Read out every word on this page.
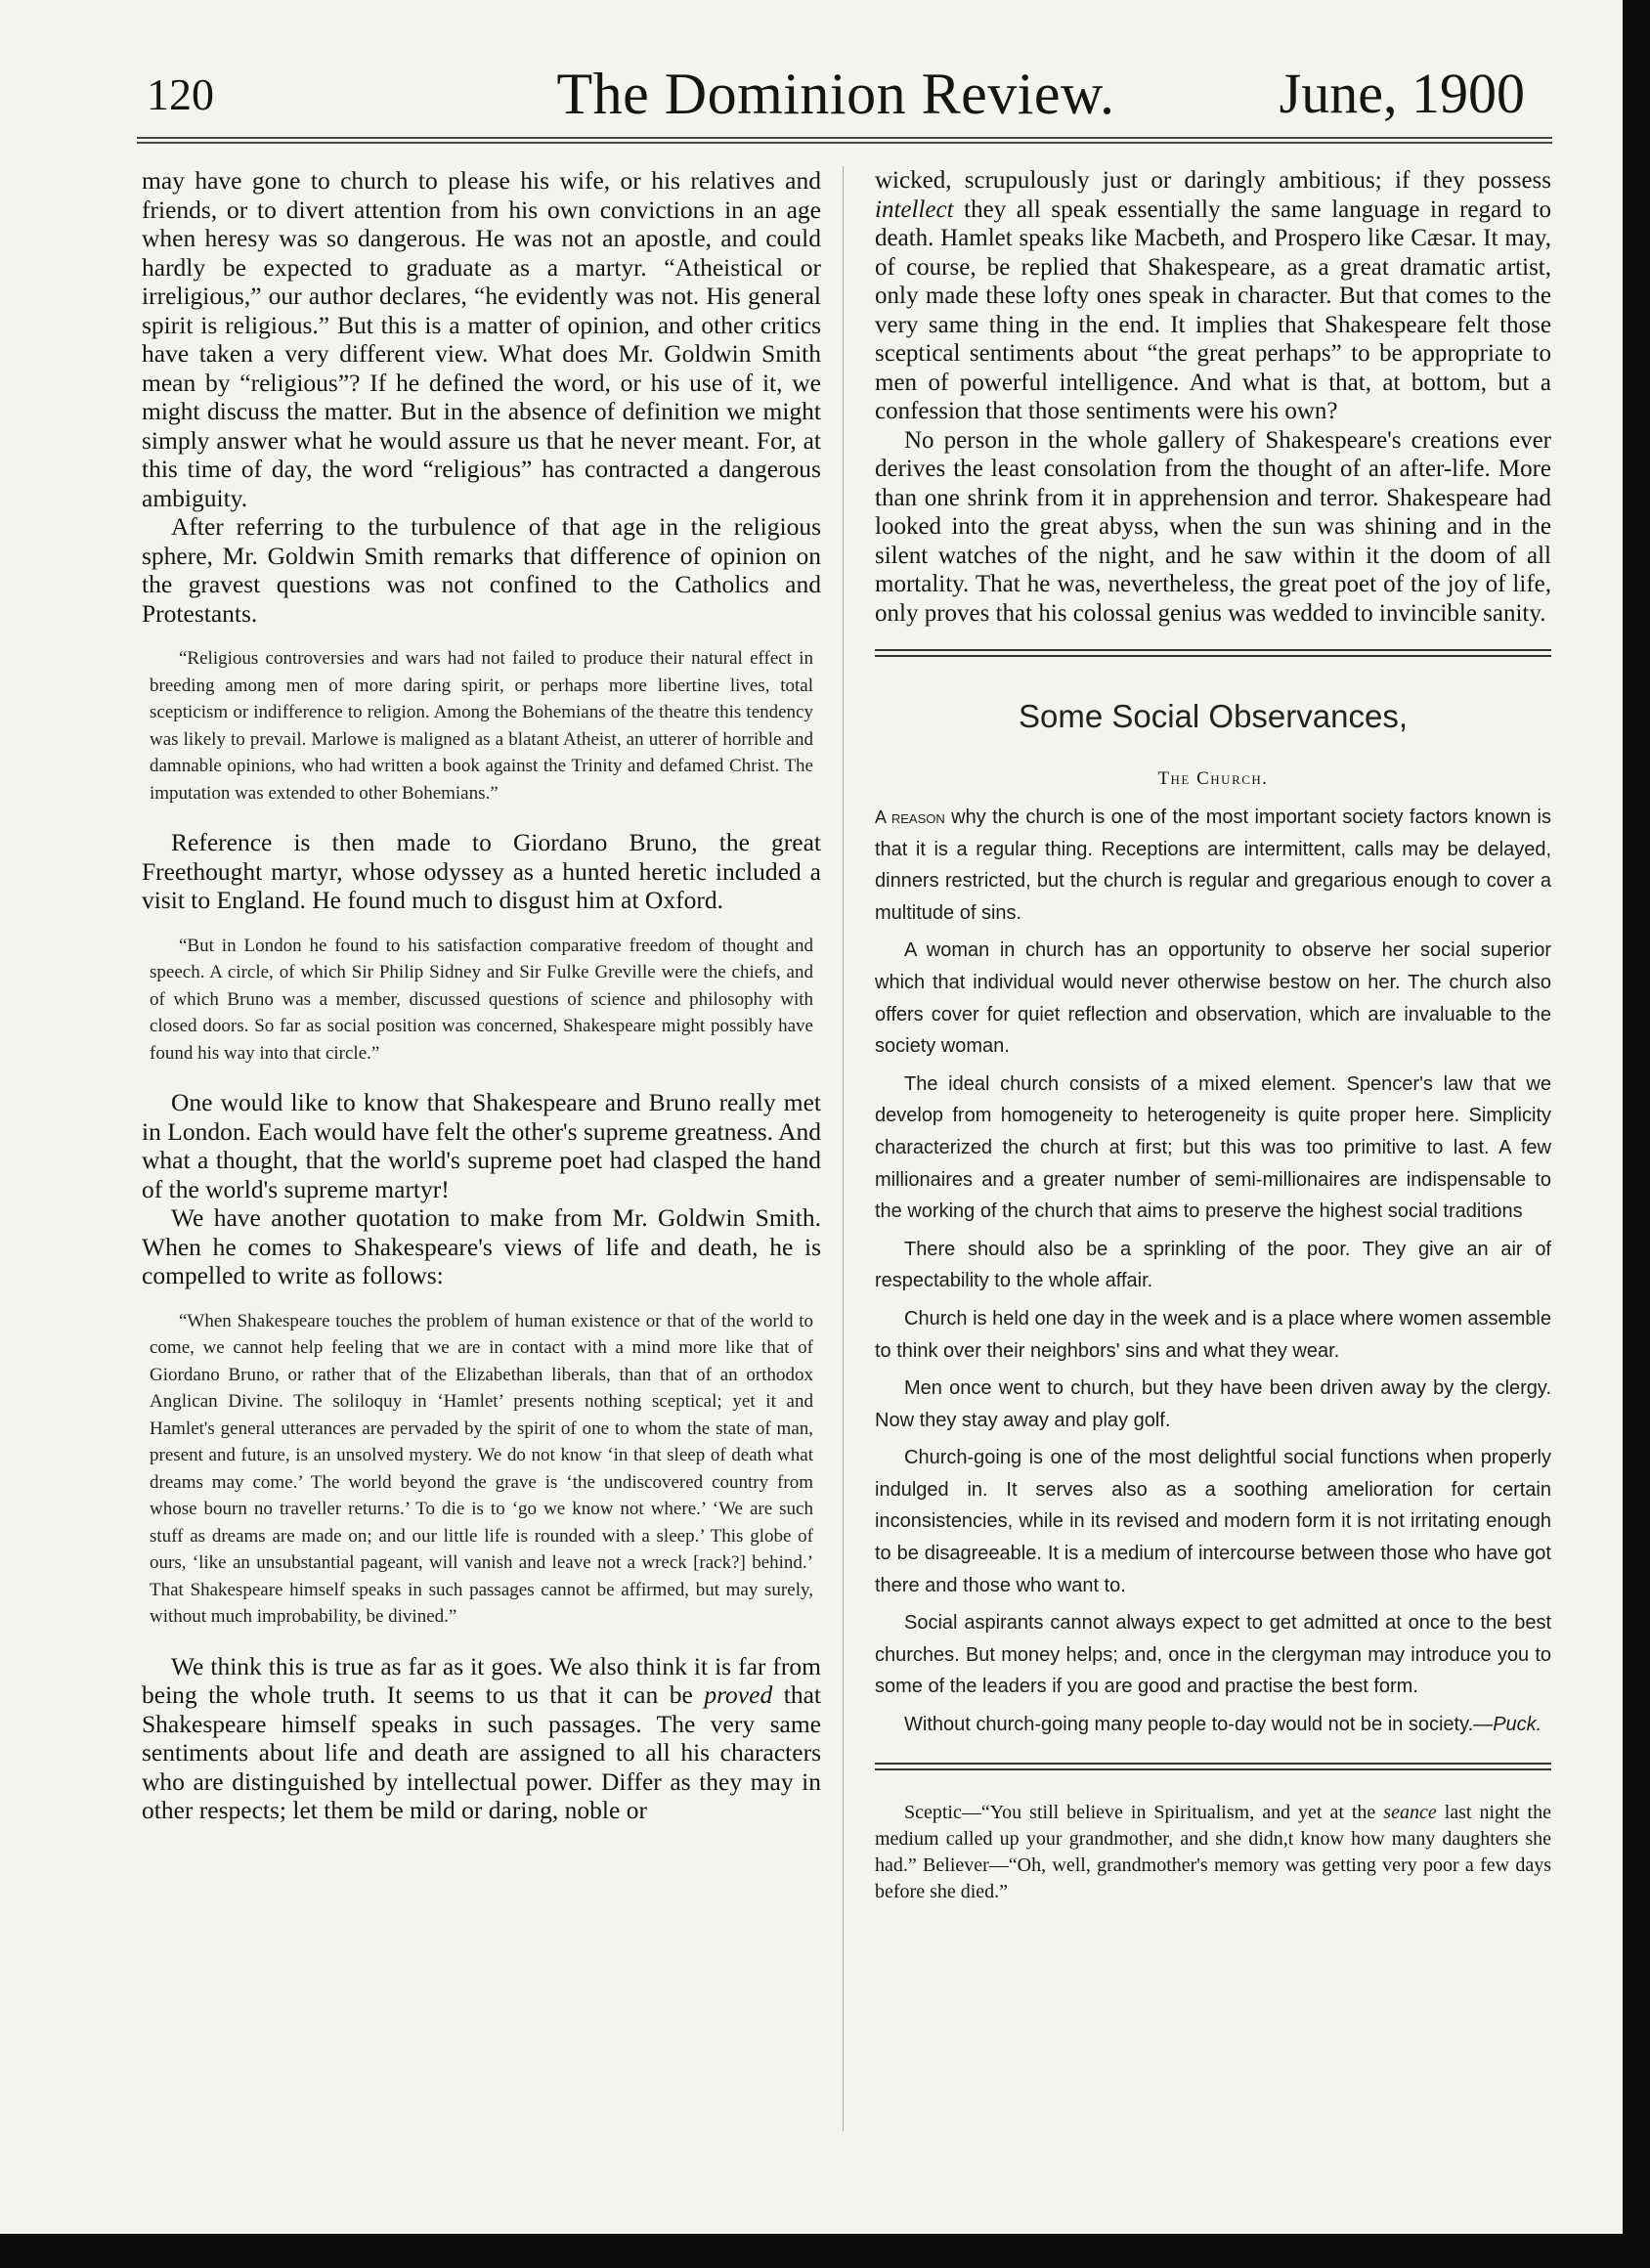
120	The Dominion Review.	June, 1900

may have gone to church to please his wife, or his relatives and friends, or to divert attention from his own convictions in an age when heresy was so dangerous. He was not an apostle, and could hardly be expected to graduate as a martyr. “Atheistical or irreligious,” our author declares, “he evidently was not. His general spirit is religious.” But this is a matter of opinion, and other critics have taken a very different view. What does Mr. Goldwin Smith mean by “religious”? If he defined the word, or his use of it, we might discuss the matter. But in the absence of definition we might simply answer what he would assure us that he never meant. For, at this time of day, the word “religious” has contracted a dangerous ambiguity.

After referring to the turbulence of that age in the religious sphere, Mr. Goldwin Smith remarks that difference of opinion on the gravest questions was not confined to the Catholics and Protestants.

“Religious controversies and wars had not failed to produce their natural effect in breeding among men of more daring spirit, or perhaps more libertine lives, total scepticism or indifference to religion. Among the Bohemians of the theatre this tendency was likely to prevail. Marlowe is maligned as a blatant Atheist, an utterer of horrible and damnable opinions, who had written a book against the Trinity and defamed Christ. The imputation was extended to other Bohemians.”

Reference is then made to Giordano Bruno, the great Freethought martyr, whose odyssey as a hunted heretic included a visit to England. He found much to disgust him at Oxford.

“But in London he found to his satisfaction comparative freedom of thought and speech. A circle, of which Sir Philip Sidney and Sir Fulke Greville were the chiefs, and of which Bruno was a member, discussed questions of science and philosophy with closed doors. So far as social position was concerned, Shakespeare might possibly have found his way into that circle.”

One would like to know that Shakespeare and Bruno really met in London. Each would have felt the other's supreme greatness. And what a thought, that the world's supreme poet had clasped the hand of the world's supreme martyr!

We have another quotation to make from Mr. Goldwin Smith. When he comes to Shakespeare's views of life and death, he is compelled to write as follows:

“When Shakespeare touches the problem of human existence or that of the world to come, we cannot help feeling that we are in contact with a mind more like that of Giordano Bruno, or rather that of the Elizabethan liberals, than that of an orthodox Anglican Divine. The soliloquy in ‘Hamlet’ presents nothing sceptical; yet it and Hamlet's general utterances are pervaded by the spirit of one to whom the state of man, present and future, is an unsolved mystery. We do not know ‘in that sleep of death what dreams may come.’ The world beyond the grave is ‘the undiscovered country from whose bourn no traveller returns.’ To die is to ‘go we know not where.’ ‘We are such stuff as dreams are made on; and our little life is rounded with a sleep.’ This globe of ours, ‘like an unsubstantial pageant, will vanish and leave not a wreck [rack?] behind.’ That Shakespeare himself speaks in such passages cannot be affirmed, but may surely, without much improbability, be divined.”

We think this is true as far as it goes. We also think it is far from being the whole truth. It seems to us that it can be proved that Shakespeare himself speaks in such passages. The very same sentiments about life and death are assigned to all his characters who are distinguished by intellectual power. Differ as they may in other respects; let them be mild or daring, noble or

wicked, scrupulously just or daringly ambitious; if they possess intellect they all speak essentially the same language in regard to death. Hamlet speaks like Macbeth, and Prospero like Cæsar. It may, of course, be replied that Shakespeare, as a great dramatic artist, only made these lofty ones speak in character. But that comes to the very same thing in the end. It implies that Shakespeare felt those sceptical sentiments about “the great perhaps” to be appropriate to men of powerful intelligence. And what is that, at bottom, but a confession that those sentiments were his own?

No person in the whole gallery of Shakespeare's creations ever derives the least consolation from the thought of an after-life. More than one shrink from it in apprehension and terror. Shakespeare had looked into the great abyss, when the sun was shining and in the silent watches of the night, and he saw within it the doom of all mortality. That he was, nevertheless, the great poet of the joy of life, only proves that his colossal genius was wedded to invincible sanity.

Some Social Observances,
The Church.

A reason why the church is one of the most important society factors known is that it is a regular thing. Receptions are intermittent, calls may be delayed, dinners restricted, but the church is regular and gregarious enough to cover a multitude of sins.

A woman in church has an opportunity to observe her social superior which that individual would never otherwise bestow on her. The church also offers cover for quiet reflection and observation, which are invaluable to the society woman.

The ideal church consists of a mixed element. Spencer's law that we develop from homogeneity to heterogeneity is quite proper here. Simplicity characterized the church at first; but this was too primitive to last. A few millionaires and a greater number of semi-millionaires are indispensable to the working of the church that aims to preserve the highest social traditions

There should also be a sprinkling of the poor. They give an air of respectability to the whole affair.

Church is held one day in the week and is a place where women assemble to think over their neighbors' sins and what they wear.

Men once went to church, but they have been driven away by the clergy. Now they stay away and play golf.

Church-going is one of the most delightful social functions when properly indulged in. It serves also as a soothing amelioration for certain inconsistencies, while in its revised and modern form it is not irritating enough to be disagreeable. It is a medium of intercourse between those who have got there and those who want to.

Social aspirants cannot always expect to get admitted at once to the best churches. But money helps; and, once in the clergyman may introduce you to some of the leaders if you are good and practise the best form.

Without church-going many people to-day would not be in society.—Puck.

Sceptic—“You still believe in Spiritualism, and yet at the seance last night the medium called up your grandmother, and she didn,t know how many daughters she had.” Believer—“Oh, well, grandmother's memory was getting very poor a few days before she died.”
